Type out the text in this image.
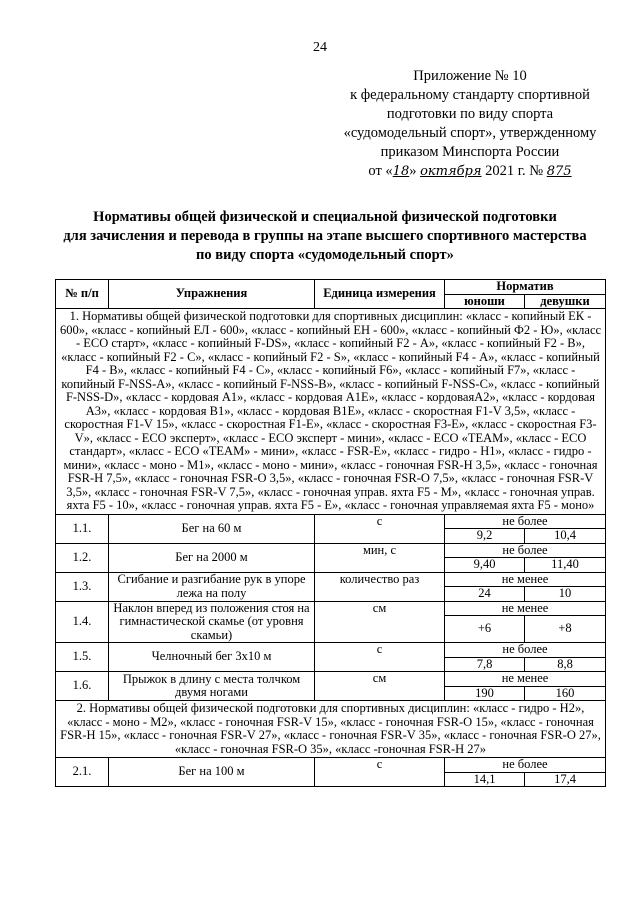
24
Приложение № 10
к федеральному стандарту спортивной
подготовки по виду спорта
«судомодельный спорт», утвержденному
приказом Минспорта России
от «18» октября 2021 г. № 875
Нормативы общей физической и специальной физической подготовки
для зачисления и перевода в группы на этапе высшего спортивного мастерства
по виду спорта «судомодельный спорт»
№ п/п	Упражнения	Единица измерения	Норматив	
			юноши	девушки
1. Нормативы общей физической подготовки для спортивных дисциплин: «класс - копийный ЕК - 600», «класс - копийный ЕЛ - 600», «класс - копийный ЕН - 600», «класс - копийный Ф2 - Ю», «класс - ЕСО старт», «класс - копийный F-DS», «класс - копийный F2 - А», «класс - копийный F2 - В», «класс - копийный F2 - С», «класс - копийный F2 - S», «класс - копийный F4 - А», «класс - копийный F4 - В», «класс - копийный F4 - С», «класс - копийный F6», «класс - копийный F7», «класс - копийный F-NSS-А», «класс - копийный F-NSS-В», «класс - копийный F-NSS-С», «класс - копийный F-NSS-D», «класс - кордовая А1», «класс - кордовая А1Е», «класс - кордоваяА2», «класс - кордовая А3», «класс - кордовая В1», «класс - кордовая В1Е», «класс - скоростная F1-V 3,5», «класс - скоростная F1-V 15», «класс - скоростная F1-E», «класс - скоростная F3-E», «класс - скоростная F3-V», «класс - ЕСО эксперт», «класс - ЕСО эксперт - мини», «класс - ЕСО «TEAM», «класс - ЕСО стандарт», «класс - ЕСО «TEAM» - мини», «класс - FSR-E», «класс - гидро - Н1», «класс - гидро - мини», «класс - моно - М1», «класс - моно - мини», «класс - гоночная FSR-H 3,5», «класс - гоночная FSR-H 7,5», «класс - гоночная FSR-O 3,5», «класс - гоночная FSR-O 7,5», «класс - гоночная FSR-V 3,5», «класс - гоночная FSR-V 7,5», «класс - гоночная управ. яхта F5 - М», «класс - гоночная управ. яхта F5 - 10», «класс - гоночная управ. яхта F5 - Е», «класс - гоночная управляемая яхта F5 - моно»				
1.1.	Бег на 60 м	с	не более	
			9,2	10,4
1.2.	Бег на 2000 м	мин, с	не более	
			9,40	11,40
1.3.	Сгибание и разгибание рук в упоре лежа на полу	количество раз	не менее	
			24	10
1.4.	Наклон вперед из положения стоя на гимнастической скамье (от уровня скамьи)	см	не менее	
			+6	+8
1.5.	Челночный бег 3x10 м	с	не более	
			7,8	8,8
1.6.	Прыжок в длину с места толчком двумя ногами	см	не менее	
			190	160
2. Нормативы общей физической подготовки для спортивных дисциплин: «класс - гидро - Н2», «класс - моно - М2», «класс - гоночная FSR-V 15», «класс - гоночная FSR-O 15», «класс - гоночная FSR-H 15», «класс - гоночная FSR-V 27», «класс - гоночная FSR-V 35», «класс - гоночная FSR-O 27», «класс - гоночная FSR-O 35», «класс -гоночная FSR-H 27»				
2.1.	Бег на 100 м	с	не более	
			14,1	17,4
